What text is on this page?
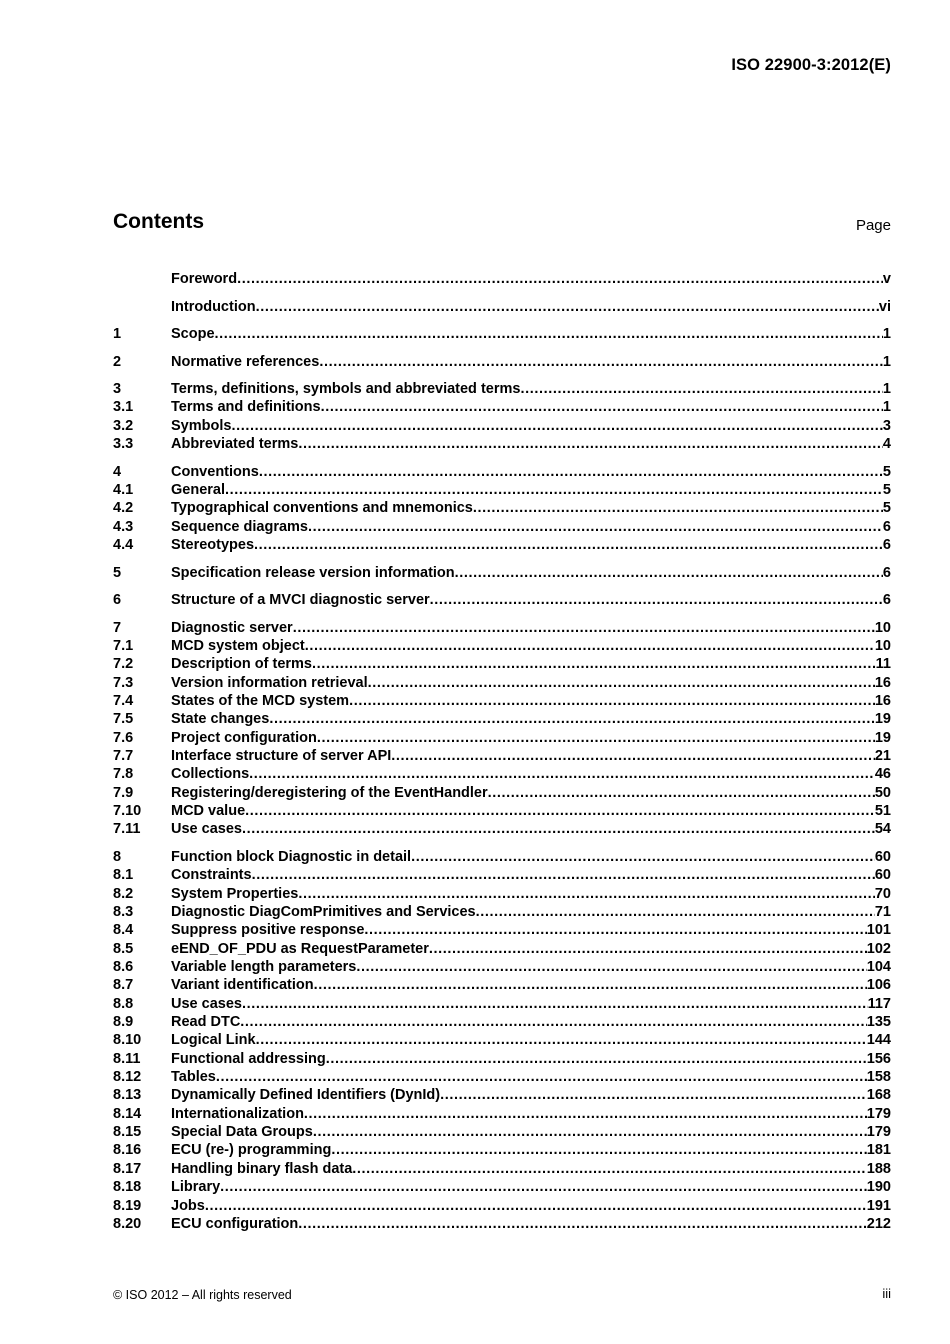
ISO 22900-3:2012(E)
Contents	Page
Foreword .....	v
Introduction .....	vi
1	Scope .....	1
2	Normative references .....	1
3	Terms, definitions, symbols and abbreviated terms .....	1
3.1	Terms and definitions .....	1
3.2	Symbols .....	3
3.3	Abbreviated terms .....	4
4	Conventions .....	5
4.1	General .....	5
4.2	Typographical conventions and mnemonics .....	5
4.3	Sequence diagrams .....	6
4.4	Stereotypes .....	6
5	Specification release version information .....	6
6	Structure of a MVCI diagnostic server .....	6
7	Diagnostic server .....	10
7.1	MCD system object .....	10
7.2	Description of terms .....	11
7.3	Version information retrieval .....	16
7.4	States of the MCD system .....	16
7.5	State changes .....	19
7.6	Project configuration .....	19
7.7	Interface structure of server API .....	21
7.8	Collections .....	46
7.9	Registering/deregistering of the EventHandler .....	50
7.10	MCD value .....	51
7.11	Use cases .....	54
8	Function block Diagnostic in detail .....	60
8.1	Constraints .....	60
8.2	System Properties .....	70
8.3	Diagnostic DiagComPrimitives and Services .....	71
8.4	Suppress positive response .....	101
8.5	eEND_OF_PDU as RequestParameter .....	102
8.6	Variable length parameters .....	104
8.7	Variant identification .....	106
8.8	Use cases .....	117
8.9	Read DTC .....	135
8.10	Logical Link .....	144
8.11	Functional addressing .....	156
8.12	Tables .....	158
8.13	Dynamically Defined Identifiers (DynId) .....	168
8.14	Internationalization .....	179
8.15	Special Data Groups .....	179
8.16	ECU (re-) programming .....	181
8.17	Handling binary flash data .....	188
8.18	Library .....	190
8.19	Jobs .....	191
8.20	ECU configuration .....	212
© ISO 2012 – All rights reserved	iii
